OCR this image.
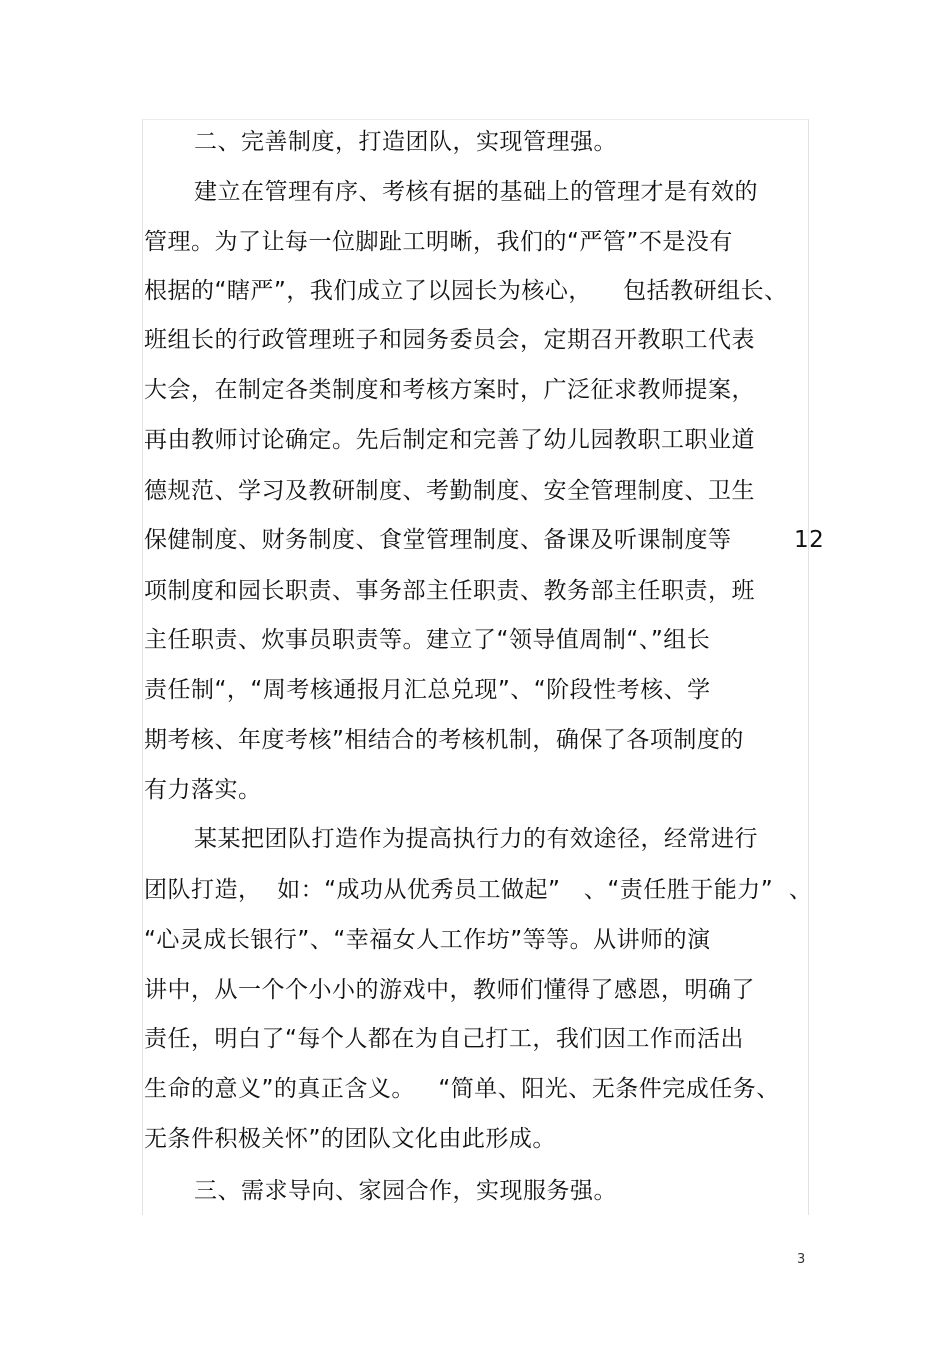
二、完善制度，打造团队，实现管理强。
建立在管理有序、考核有据的基础上的管理才是有效的
管理。为了让每一位脚趾工明晰，我们的“严管”不是没有
根据的“瞎严”，我们成立了以园长为核心，    包括教研组长、
班组长的行政管理班子和园务委员会，定期召开教职工代表
大会，在制定各类制度和考核方案时，广泛征求教师提案，
再由教师讨论确定。先后制定和完善了幼儿园教职工职业道
德规范、学习及教研制度、考勤制度、安全管理制度、卫生
保健制度、财务制度、食堂管理制度、备课及听课制度等        12
项制度和园长职责、事务部主任职责、教务部主任职责，班
主任职责、炊事员职责等。建立了“领导值周制“、”组长
责任制“，“周考核通报月汇总兑现”、“阶段性考核、学
期考核、年度考核”相结合的考核机制，确保了各项制度的
有力落实。
某某把团队打造作为提高执行力的有效途径，经常进行
团队打造，  如：“成功从优秀员工做起”   、“责任胜于能力”  、
“心灵成长银行”、“幸福女人工作坊”等等。从讲师的演
讲中，从一个个小小的游戏中，教师们懂得了感恩，明确了
责任，明白了“每个人都在为自己打工，我们因工作而活出
生命的意义”的真正含义。   “简单、阳光、无条件完成任务、
无条件积极关怀”的团队文化由此形成。
三、需求导向、家园合作，实现服务强。
3
